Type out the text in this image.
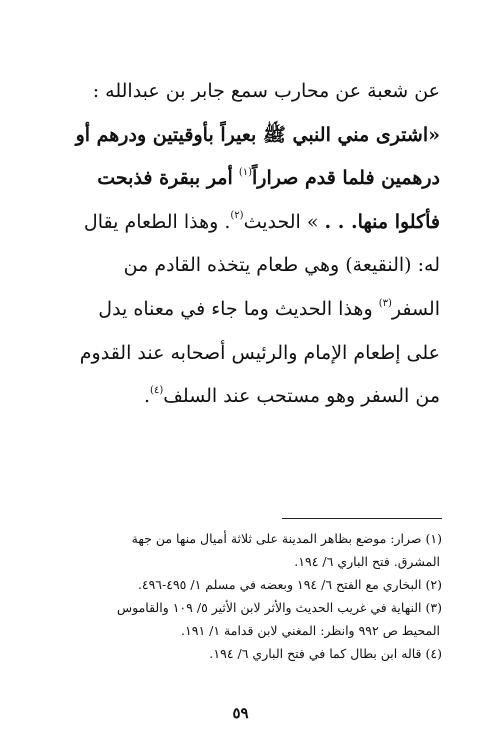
عن شعبة عن محارب سمع جابر بن عبدالله :
«اشترى مني النبي ﷺ بعيراً بأوقيتين ودرهم أو
درهمين فلما قدم صراراً$^{(١)}$ أمر ببقرة فذبحت
فأكلوا منها. . . » الحديث$^{(٢)}$. وهذا الطعام يقال
له: (النقيعة) وهي طعام يتخذه القادم من
السفر$^{(٣)}$ وهذا الحديث وما جاء في معناه يدل
على إطعام الإمام والرئيس أصحابه عند القدوم
من السفر وهو مستحب عند السلف$^{(٤)}$.
(١) صرار: موضع بظاهر المدينة على ثلاثة أميال منها من جهة
المشرق. فتح الباري ٦/ ١٩٤.
(٢) البخاري مع الفتح ٦/ ١٩٤ وبعضه في مسلم ١/ ٤٩٥-٤٩٦.
(٣) النهاية في غريب الحديث والأثر لابن الأثير ٥/ ١٠٩ والقاموس
المحيط ص ٩٩٢ وانظر: المغني لابن قدامة ١/ ١٩١.
(٤) قاله ابن بطال كما في فتح الباري ٦/ ١٩٤.
٥٩
